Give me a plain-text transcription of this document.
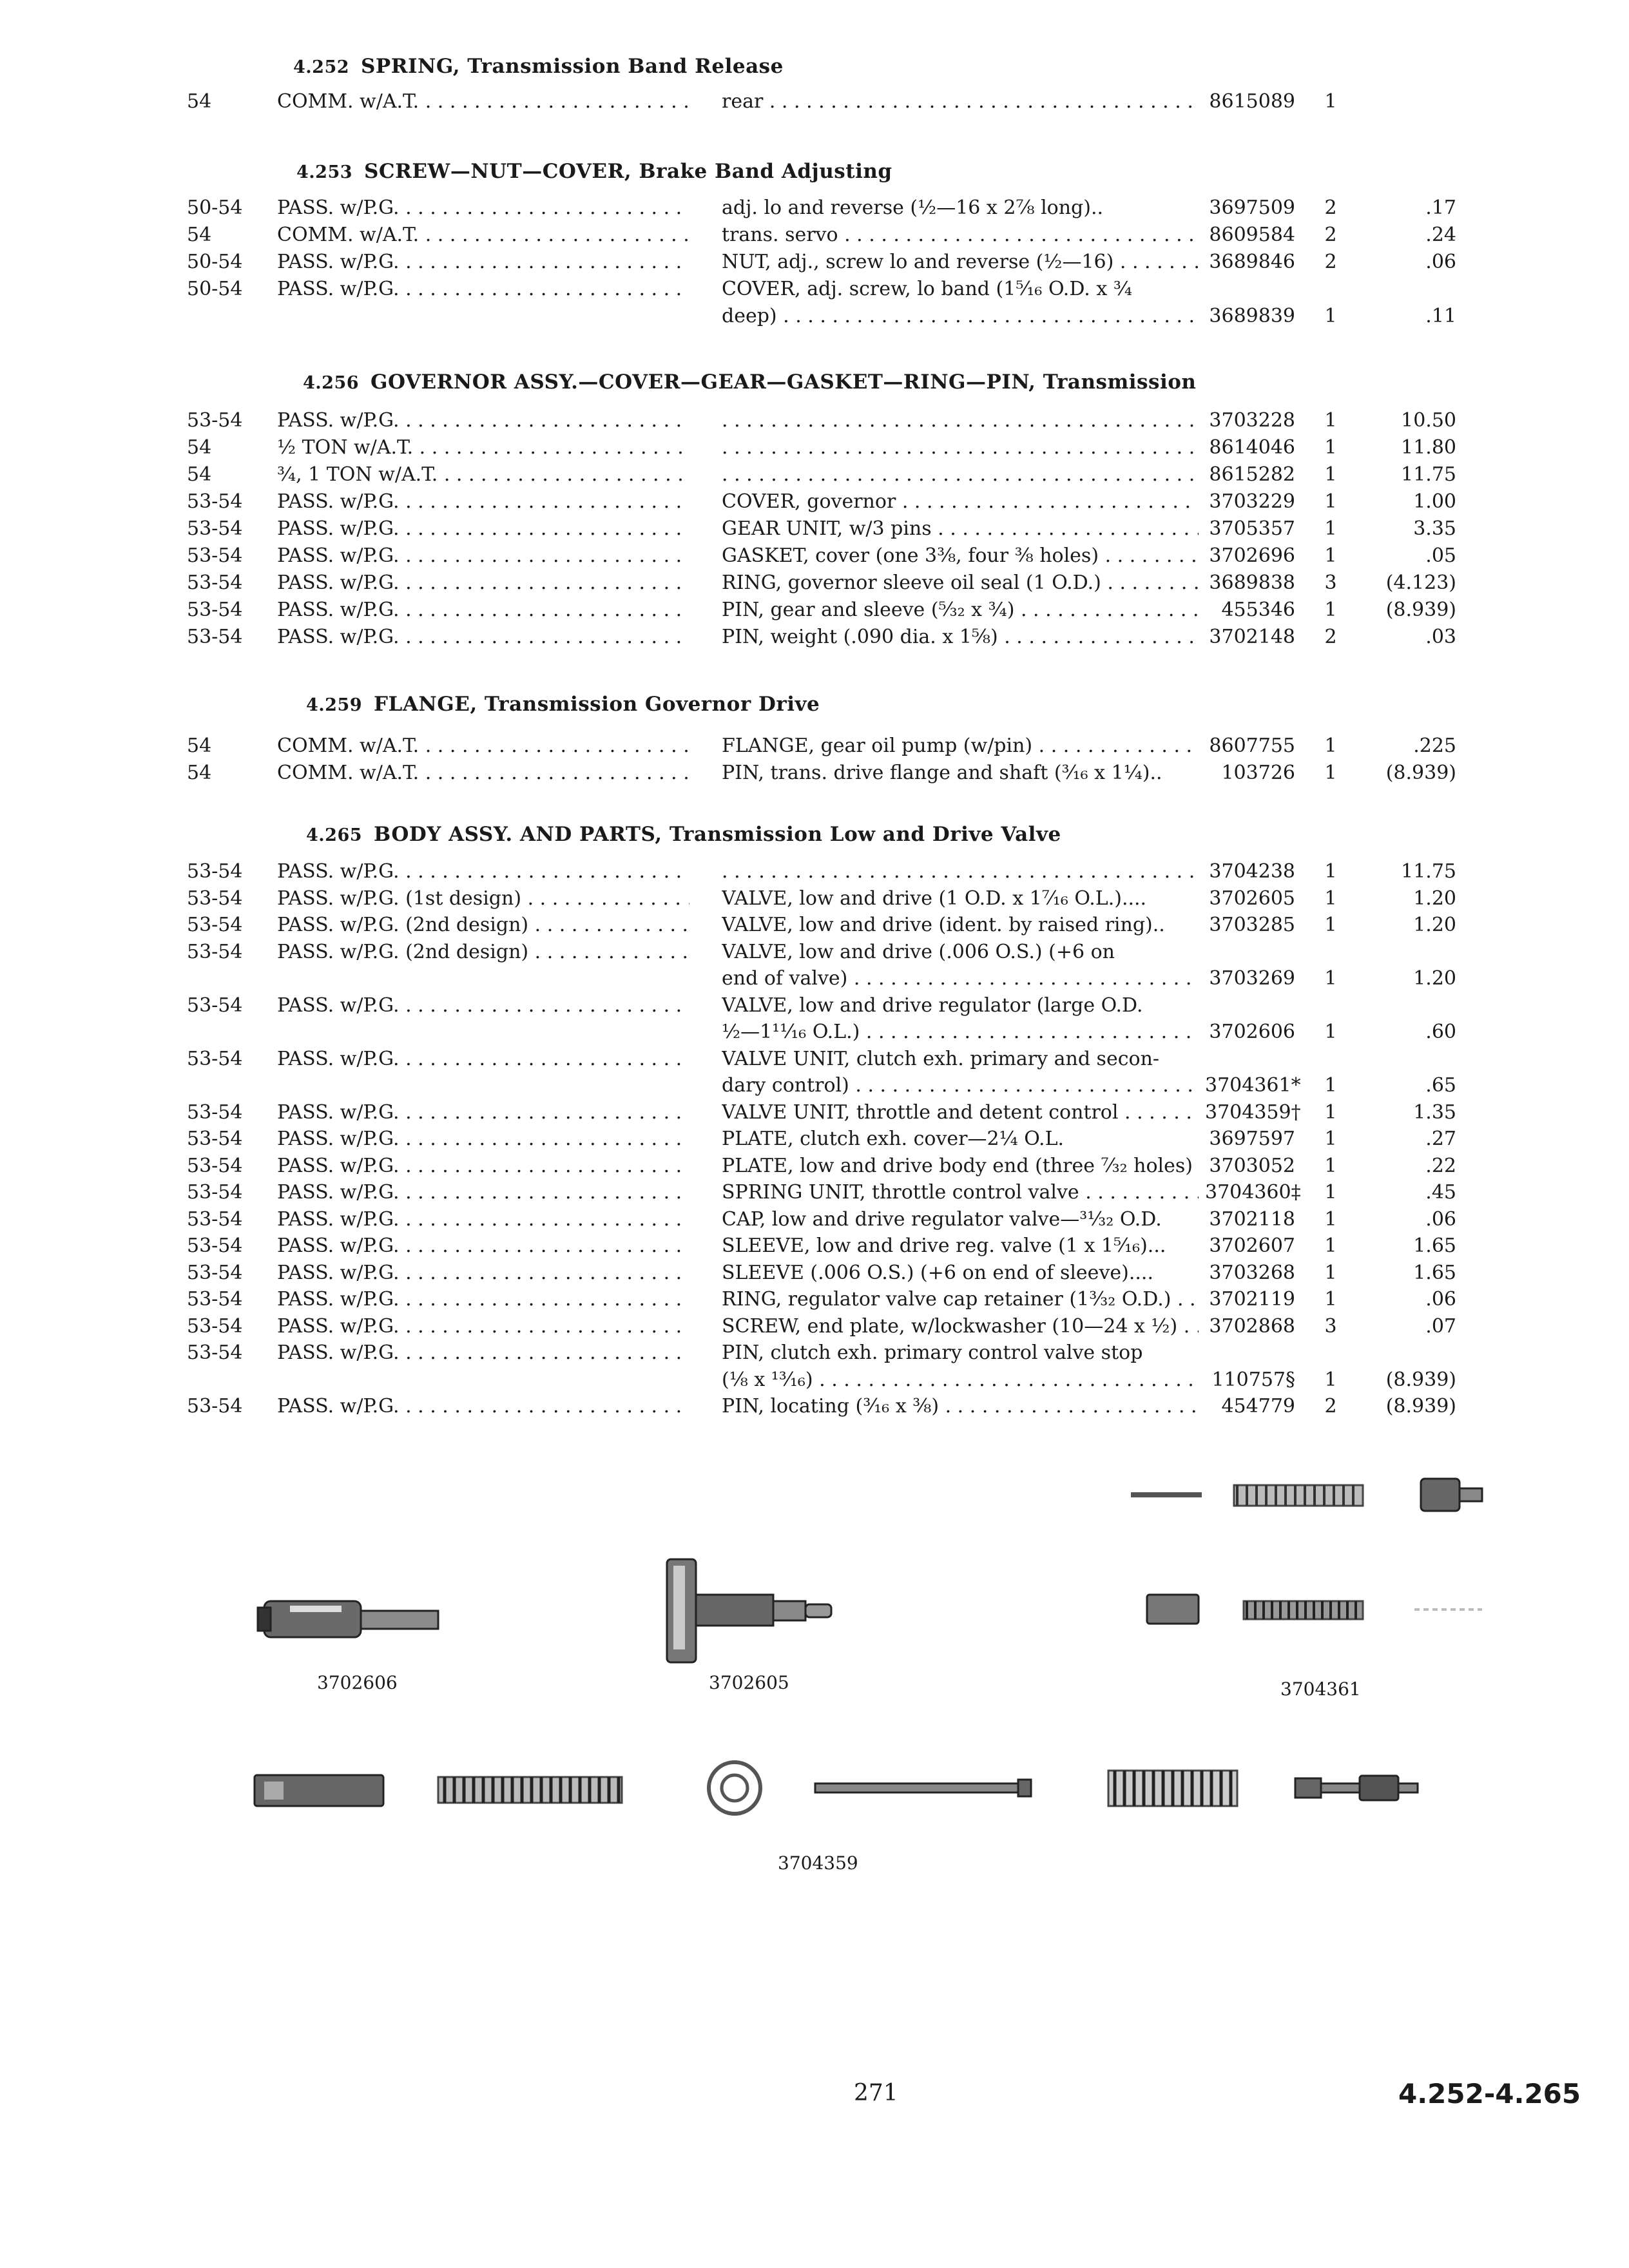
4.252 SPRING, Transmission Band Release
54	COMM. w/A.T. . . .	rear . . .	8615089	1
4.253 SCREW—NUT—COVER, Brake Band Adjusting
50-54 PASS. w/P.G. . . .	adj. lo and reverse (½—16 x 2⅞ long)..	3697509	2	.17
54	COMM. w/A.T. . . .	trans. servo . . .	8609584	2	.24
50-54 PASS. w/P.G. . . .	NUT, adj., screw lo and reverse (½—16) . . .	3689846	2	.06
50-54 PASS. w/P.G. . . .	COVER, adj. screw, lo band (1⁵⁄₁₆ O.D. x ¾
deep) . . .	3689839	1	.11
4.256 GOVERNOR ASSY.—COVER—GEAR—GASKET—RING—PIN, Transmission
53-54 PASS. w/P.G. . . . . . .	3703228	1	10.50
54	½ TON w/A.T. . . . . . .	8614046	1	11.80
54	¾, 1 TON w/A.T. . . . . . .	8615282	1	11.75
53-54 PASS. w/P.G. . . .	COVER, governor . . .	3703229	1	1.00
53-54 PASS. w/P.G. . . .	GEAR UNIT, w/3 pins . . .	3705357	1	3.35
53-54 PASS. w/P.G. . . .	GASKET, cover (one 3⅜, four ⅜ holes) . . .	3702696	1	.05
53-54 PASS. w/P.G. . . .	RING, governor sleeve oil seal (1 O.D.) . . .	3689838	3	(4.123)
53-54 PASS. w/P.G. . . .	PIN, gear and sleeve (⁵⁄₃₂ x ¾) . . .	455346	1	(8.939)
53-54 PASS. w/P.G. . . .	PIN, weight (.090 dia. x 1⅝) . . .	3702148	2	.03
4.259 FLANGE, Transmission Governor Drive
54	COMM. w/A.T. . . .	FLANGE, gear oil pump (w/pin) . . .	8607755	1	.225
54	COMM. w/A.T. . . .	PIN, trans. drive flange and shaft (³⁄₁₆ x 1¼)..	103726	1	(8.939)
4.265 BODY ASSY. AND PARTS, Transmission Low and Drive Valve
53-54 PASS. w/P.G. . . . . . .	3704238	1	11.75
53-54 PASS. w/P.G. (1st design) . . .	VALVE, low and drive (1 O.D. x 1⁷⁄₁₆ O.L.)....	3702605	1	1.20
53-54 PASS. w/P.G. (2nd design) . . .	VALVE, low and drive (ident. by raised ring)..	3703285	1	1.20
53-54 PASS. w/P.G. (2nd design) . . .	VALVE, low and drive (.006 O.S.) (+6 on
end of valve) . . .	3703269	1	1.20
53-54 PASS. w/P.G. . . .	VALVE, low and drive regulator (large O.D.
½—1¹¹⁄₁₆ O.L.) . . .	3702606	1	.60
53-54 PASS. w/P.G. . . .	VALVE UNIT, clutch exh. primary and secon-
dary control) . . .	3704361*	1	.65
53-54 PASS. w/P.G. . . .	VALVE UNIT, throttle and detent control . . .	3704359†	1	1.35
53-54 PASS. w/P.G. . . .	PLATE, clutch exh. cover—2¼ O.L.	3697597	1	.27
53-54 PASS. w/P.G. . . .	PLATE, low and drive body end (three ⁷⁄₃₂ holes) . . . 3703052	1	.22
53-54 PASS. w/P.G. . . .	SPRING UNIT, throttle control valve . . .	3704360‡	1	.45
53-54 PASS. w/P.G. . . .	CAP, low and drive regulator valve—³¹⁄₃₂ O.D.	3702118	1	.06
53-54 PASS. w/P.G. . . .	SLEEVE, low and drive reg. valve (1 x 1⁵⁄₁₆)...	3702607	1	1.65
53-54 PASS. w/P.G. . . .	SLEEVE (.006 O.S.) (+6 on end of sleeve)....	3703268	1	1.65
53-54 PASS. w/P.G. . . .	RING, regulator valve cap retainer (1³⁄₃₂ O.D.) . . .	3702119	1	.06
53-54 PASS. w/P.G. . . .	SCREW, end plate, w/lockwasher (10—24 x ½) . . .	3702868	3	.07
53-54 PASS. w/P.G. . . .	PIN, clutch exh. primary control valve stop
(⅛ x ¹³⁄₁₆) . . .	110757§	1	(8.939)
53-54 PASS. w/P.G. . . .	PIN, locating (³⁄₁₆ x ⅜) . . .	454779	2	(8.939)
3702606	3702605	3704361
3704359
271	4.252-4.265
